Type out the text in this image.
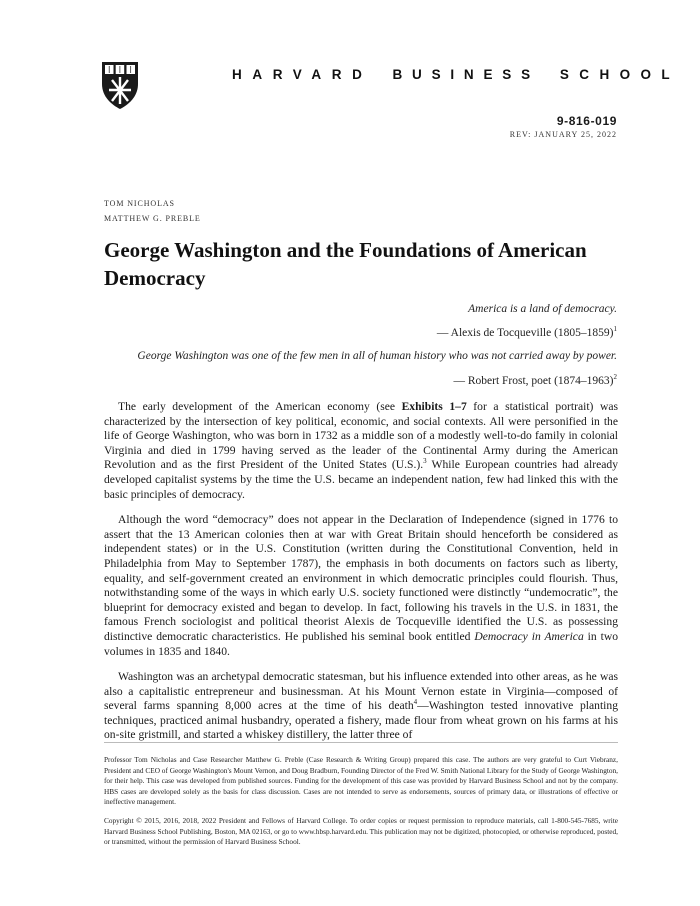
HARVARD BUSINESS SCHOOL
9-816-019
REV: JANUARY 25, 2022
TOM NICHOLAS
MATTHEW G. PREBLE
George Washington and the Foundations of American Democracy
America is a land of democracy.
— Alexis de Tocqueville (1805–1859)$^1$
George Washington was one of the few men in all of human history who was not carried away by power.
— Robert Frost, poet (1874–1963)$^2$

The early development of the American economy (see Exhibits 1–7 for a statistical portrait) was characterized by the intersection of key political, economic, and social contexts. All were personified in the life of George Washington, who was born in 1732 as a middle son of a modestly well-to-do family in colonial Virginia and died in 1799 having served as the leader of the Continental Army during the American Revolution and as the first President of the United States (U.S.).$^3$ While European countries had already developed capitalist systems by the time the U.S. became an independent nation, few had linked this with the basic principles of democracy.

Although the word “democracy” does not appear in the Declaration of Independence (signed in 1776 to assert that the 13 American colonies then at war with Great Britain should henceforth be considered as independent states) or in the U.S. Constitution (written during the Constitutional Convention, held in Philadelphia from May to September 1787), the emphasis in both documents on factors such as liberty, equality, and self-government created an environment in which democratic principles could flourish. Thus, notwithstanding some of the ways in which early U.S. society functioned were distinctly “undemocratic”, the blueprint for democracy existed and began to develop. In fact, following his travels in the U.S. in 1831, the famous French sociologist and political theorist Alexis de Tocqueville identified the U.S. as possessing distinctive democratic characteristics. He published his seminal book entitled Democracy in America in two volumes in 1835 and 1840.

Washington was an archetypal democratic statesman, but his influence extended into other areas, as he was also a capitalistic entrepreneur and businessman. At his Mount Vernon estate in Virginia—composed of several farms spanning 8,000 acres at the time of his death$^4$—Washington tested innovative planting techniques, practiced animal husbandry, operated a fishery, made flour from wheat grown on his farms at his on-site gristmill, and started a whiskey distillery, the latter three of

Professor Tom Nicholas and Case Researcher Matthew G. Preble (Case Research & Writing Group) prepared this case. The authors are very grateful to Curt Viebranz, President and CEO of George Washington's Mount Vernon, and Doug Bradburn, Founding Director of the Fred W. Smith National Library for the Study of George Washington, for their help. This case was developed from published sources. Funding for the development of this case was provided by Harvard Business School and not by the company. HBS cases are developed solely as the basis for class discussion. Cases are not intended to serve as endorsements, sources of primary data, or illustrations of effective or ineffective management.

Copyright © 2015, 2016, 2018, 2022 President and Fellows of Harvard College. To order copies or request permission to reproduce materials, call 1-800-545-7685, write Harvard Business School Publishing, Boston, MA 02163, or go to www.hbsp.harvard.edu. This publication may not be digitized, photocopied, or otherwise reproduced, posted, or transmitted, without the permission of Harvard Business School.
